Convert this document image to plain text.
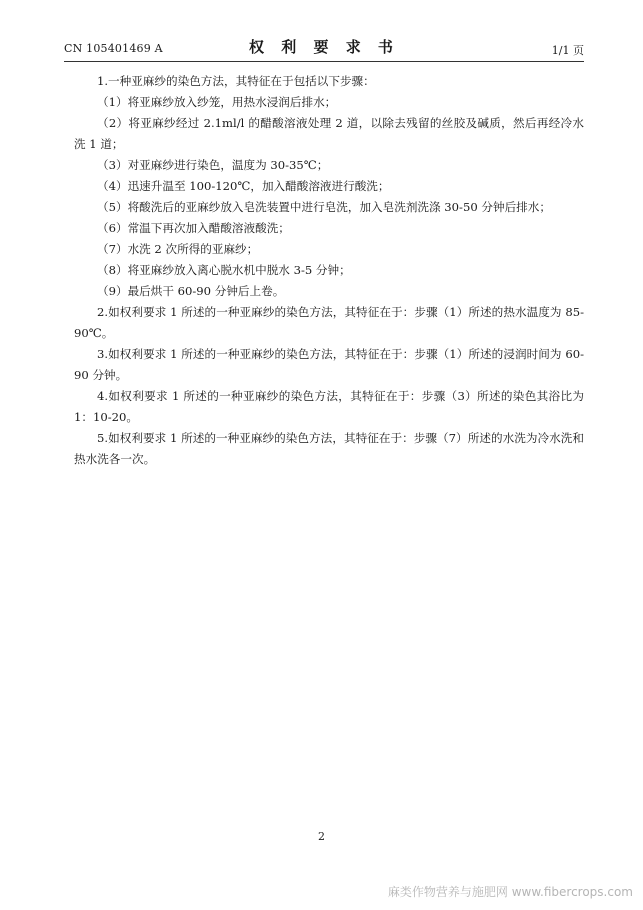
CN 105401469 A	权 利 要 求 书	1/1 页

1.一种亚麻纱的染色方法，其特征在于包括以下步骤：

（1）将亚麻纱放入纱笼，用热水浸润后排水；

（2）将亚麻纱经过 2.1ml/l 的醋酸溶液处理 2 道，以除去残留的丝胶及碱质，然后再经冷水洗 1 道；

（3）对亚麻纱进行染色，温度为 30-35℃；

（4）迅速升温至 100-120℃，加入醋酸溶液进行酸洗；

（5）将酸洗后的亚麻纱放入皂洗装置中进行皂洗，加入皂洗剂洗涤 30-50 分钟后排水；

（6）常温下再次加入醋酸溶液酸洗；

（7）水洗 2 次所得的亚麻纱；

（8）将亚麻纱放入离心脱水机中脱水 3-5 分钟；

（9）最后烘干 60-90 分钟后上卷。

2.如权利要求 1 所述的一种亚麻纱的染色方法，其特征在于：步骤（1）所述的热水温度为 85-90℃。

3.如权利要求 1 所述的一种亚麻纱的染色方法，其特征在于：步骤（1）所述的浸润时间为 60-90 分钟。

4.如权利要求 1 所述的一种亚麻纱的染色方法，其特征在于：步骤（3）所述的染色其浴比为 1：10-20。

5.如权利要求 1 所述的一种亚麻纱的染色方法，其特征在于：步骤（7）所述的水洗为冷水洗和热水洗各一次。

2
麻类作物营养与施肥网 www.fibercrops.com
